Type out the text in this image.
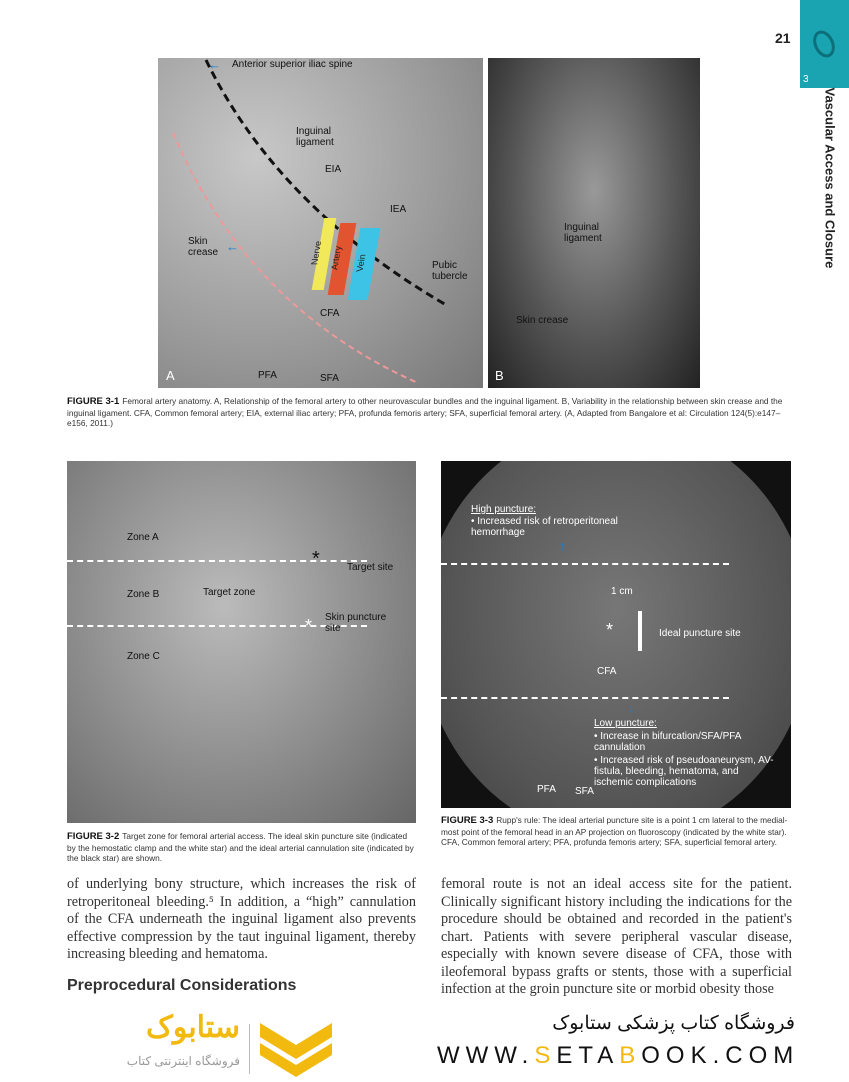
21
3
Vascular Access and Closure
Nerve Artery Vein
← Anterior superior iliac spine
Inguinal ligament
EIA
IEA
Skin crease ←
Pubic tubercle
CFA
PFA	SFA
A
Inguinal ligament
Skin crease
B
FIGURE 3-1 Femoral artery anatomy. A, Relationship of the femoral artery to other neurovascular bundles and the inguinal ligament. B, Variability in the relationship between skin crease and the inguinal ligament. CFA, Common femoral artery; EIA, external iliac artery; PFA, profunda femoris artery; SFA, superficial femoral artery. (A, Adapted from Bangalore et al: Circulation 124(5):e147–e156, 2011.)
Zone A
Zone B
Zone C
Target zone
*	Target site
* Skin puncture site
FIGURE 3-2 Target zone for femoral arterial access. The ideal skin puncture site (indicated by the hemostatic clamp and the white star) and the ideal arterial cannulation site (indicated by the black star) are shown.
High puncture:
• Increased risk of retroperitoneal hemorrhage
↑
1 cm
*	Ideal puncture site
CFA
↓
Low puncture:
• Increase in bifurcation/SFA/PFA cannulation
• Increased risk of pseudoaneurysm, AV-fistula, bleeding, hematoma, and ischemic complications
PFA SFA
FIGURE 3-3 Rupp's rule: The ideal arterial puncture site is a point 1 cm lateral to the medial-most point of the femoral head in an AP projection on fluoroscopy (indicated by the white star). CFA, Common femoral artery; PFA, profunda femoris artery; SFA, superficial femoral artery.
of underlying bony structure, which increases the risk of retroperitoneal bleeding.⁵ In addition, a “high” cannulation of the CFA underneath the inguinal ligament also prevents effective compression by the taut inguinal ligament, thereby increasing bleeding and hematoma.
Preprocedural Considerations
femoral route is not an ideal access site for the patient. Clinically significant history including the indications for the procedure should be obtained and recorded in the patient's chart. Patients with severe peripheral vascular disease, especially with known severe disease of CFA, those with ileofemoral bypass grafts or stents, those with a superficial infection at the groin puncture site or morbid obesity those
ستابوک
فروشگاه اینترنتی کتاب
فروشگاه کتاب پزشکی ستابوک
WWW.SETABOOK.COM
